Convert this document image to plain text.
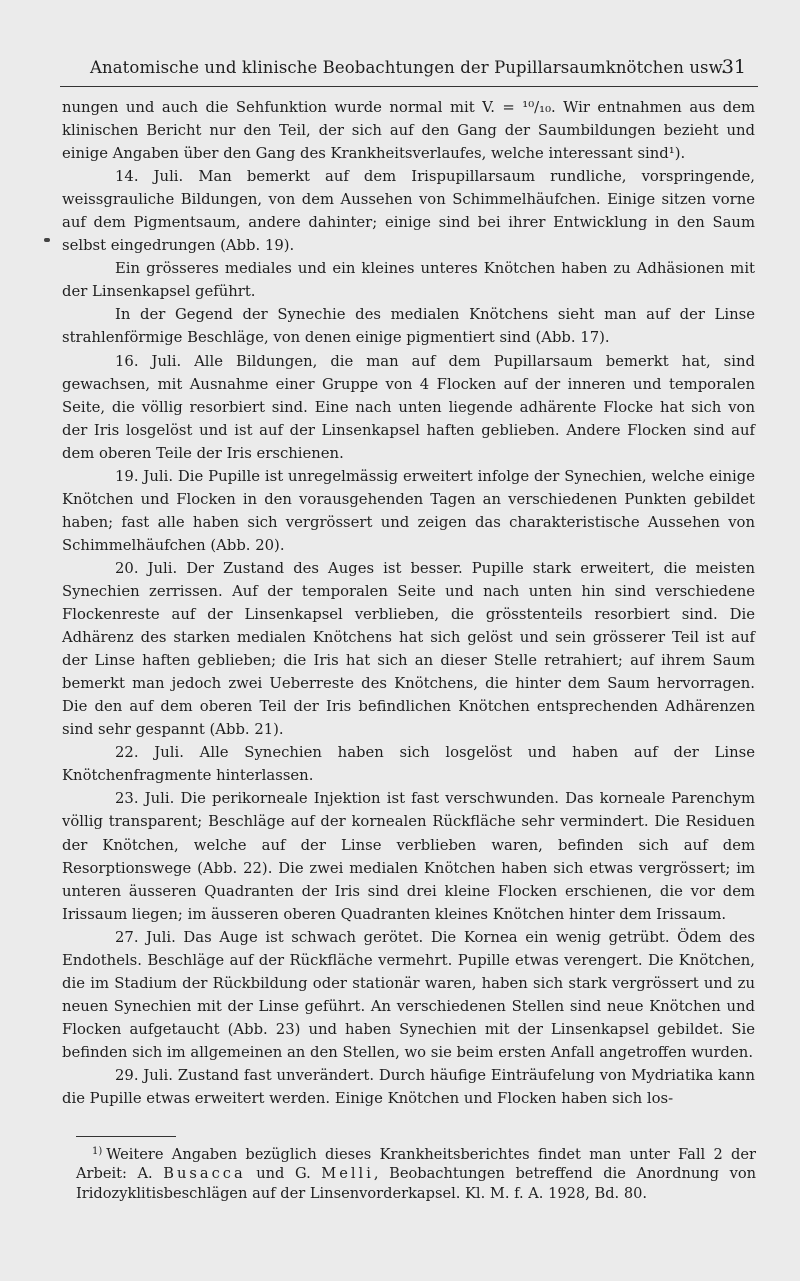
Anatomische und klinische Beobachtungen der Pupillarsaumknötchen usw.
31

nungen und auch die Sehfunktion wurde normal mit V. = ¹⁰/₁₀. Wir entnahmen aus dem klinischen Bericht nur den Teil, der sich auf den Gang der Saumbildungen bezieht und einige Angaben über den Gang des Krankheitsverlaufes, welche interessant sind¹).

14. Juli. Man bemerkt auf dem Irispupillarsaum rundliche, vorspringende, weissgrauliche Bildungen, von dem Aussehen von Schimmelhäufchen. Einige sitzen vorne auf dem Pigmentsaum, andere dahinter; einige sind bei ihrer Entwicklung in den Saum selbst eingedrungen (Abb. 19).

Ein grösseres mediales und ein kleines unteres Knötchen haben zu Adhäsionen mit der Linsenkapsel geführt.

In der Gegend der Synechie des medialen Knötchens sieht man auf der Linse strahlenförmige Beschläge, von denen einige pigmentiert sind (Abb. 17).

16. Juli. Alle Bildungen, die man auf dem Pupillarsaum bemerkt hat, sind gewachsen, mit Ausnahme einer Gruppe von 4 Flocken auf der inneren und temporalen Seite, die völlig resorbiert sind. Eine nach unten liegende adhärente Flocke hat sich von der Iris losgelöst und ist auf der Linsenkapsel haften geblieben. Andere Flocken sind auf dem oberen Teile der Iris erschienen.

19. Juli. Die Pupille ist unregelmässig erweitert infolge der Synechien, welche einige Knötchen und Flocken in den vorausgehenden Tagen an verschiedenen Punkten gebildet haben; fast alle haben sich vergrössert und zeigen das charakteristische Aussehen von Schimmelhäufchen (Abb. 20).

20. Juli. Der Zustand des Auges ist besser. Pupille stark erweitert, die meisten Synechien zerrissen. Auf der temporalen Seite und nach unten hin sind verschiedene Flockenreste auf der Linsenkapsel verblieben, die grösstenteils resorbiert sind. Die Adhärenz des starken medialen Knötchens hat sich gelöst und sein grösserer Teil ist auf der Linse haften geblieben; die Iris hat sich an dieser Stelle retrahiert; auf ihrem Saum bemerkt man jedoch zwei Ueberreste des Knötchens, die hinter dem Saum hervorragen. Die den auf dem oberen Teil der Iris befindlichen Knötchen entsprechenden Adhärenzen sind sehr gespannt (Abb. 21).

22. Juli. Alle Synechien haben sich losgelöst und haben auf der Linse Knötchenfragmente hinterlassen.

23. Juli. Die perikorneale Injektion ist fast verschwunden. Das korneale Parenchym völlig transparent; Beschläge auf der kornealen Rückfläche sehr vermindert. Die Residuen der Knötchen, welche auf der Linse verblieben waren, befinden sich auf dem Resorptionswege (Abb. 22). Die zwei medialen Knötchen haben sich etwas vergrössert; im unteren äusseren Quadranten der Iris sind drei kleine Flocken erschienen, die vor dem Irissaum liegen; im äusseren oberen Quadranten kleines Knötchen hinter dem Irissaum.

27. Juli. Das Auge ist schwach gerötet. Die Kornea ein wenig getrübt. Ödem des Endothels. Beschläge auf der Rückfläche vermehrt. Pupille etwas verengert. Die Knötchen, die im Stadium der Rückbildung oder stationär waren, haben sich stark vergrössert und zu neuen Synechien mit der Linse geführt. An verschiedenen Stellen sind neue Knötchen und Flocken aufgetaucht (Abb. 23) und haben Synechien mit der Linsenkapsel gebildet. Sie befinden sich im allgemeinen an den Stellen, wo sie beim ersten Anfall angetroffen wurden.

29. Juli. Zustand fast unverändert. Durch häufige Einträufelung von Mydriatika kann die Pupille etwas erweitert werden. Einige Knötchen und Flocken haben sich los-

$^{1)}$ Weitere Angaben bezüglich dieses Krankheitsberichtes findet man unter Fall 2 der Arbeit: A. Busacca und G. Melli, Beobachtungen betreffend die Anordnung von Iridozyklitisbeschlägen auf der Linsenvorderkapsel. Kl. M. f. A. 1928, Bd. 80.
